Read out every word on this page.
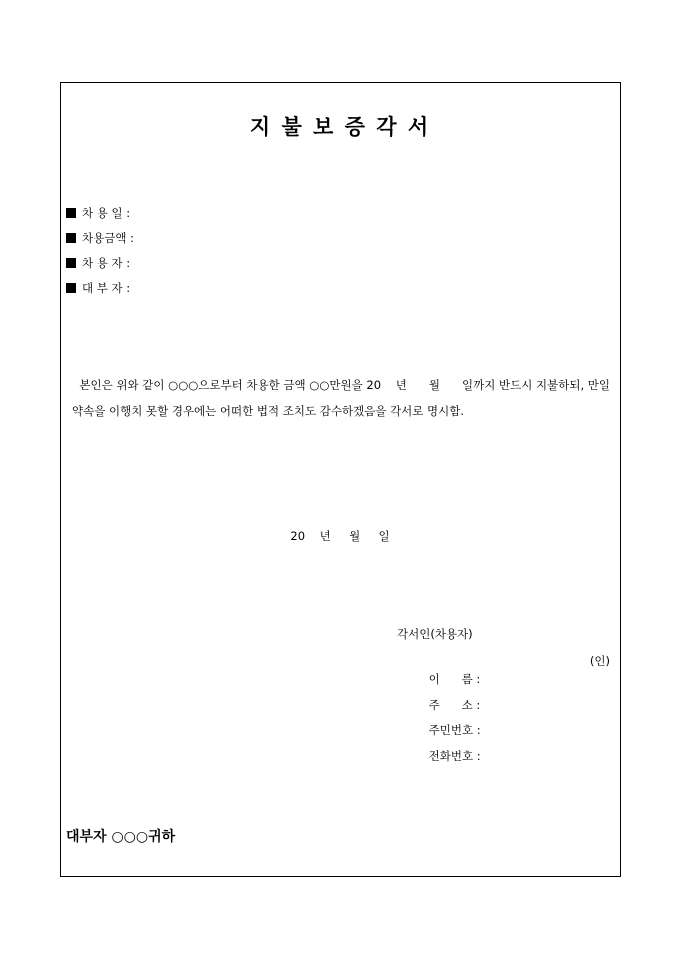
지 불 보 증 각 서
차 용 일 :
차용금액 :
차 용 자 :
대 부 자 :
본인은 위와 같이 ○○○으로부터 차용한 금액 ○○만원을 20    년      월      일까지 반드시 지불하되, 만일 약속을 이행치 못할 경우에는 어떠한 법적 조치도 감수하겠음을 각서로 명시함.
20    년     월     일
각서인(차용자)

이      름 :

주      소 :

주민번호 :

전화번호 :

(인)
대부자 ○○○귀하
